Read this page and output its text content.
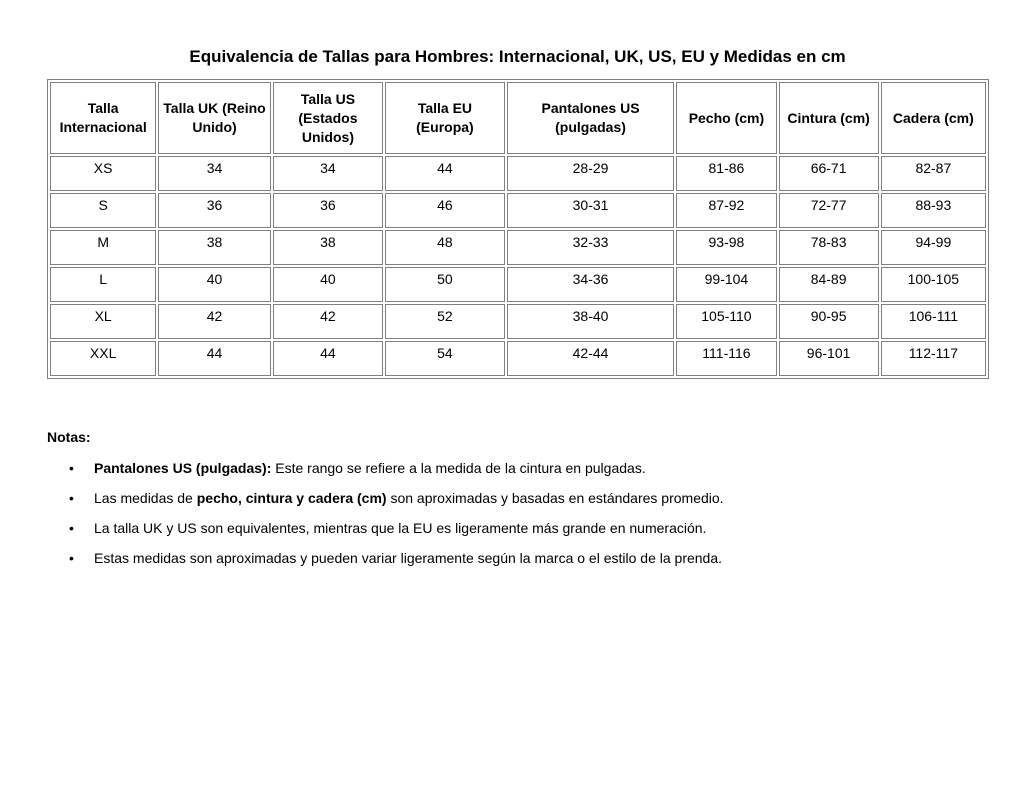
Equivalencia de Tallas para Hombres: Internacional, UK, US, EU y Medidas en cm
Talla Internacional	Talla UK (Reino Unido)	Talla US (Estados Unidos)	Talla EU (Europa)	Pantalones US (pulgadas)	Pecho (cm)	Cintura (cm)	Cadera (cm)
XS	34	34	44	28-29	81-86	66-71	82-87
S	36	36	46	30-31	87-92	72-77	88-93
M	38	38	48	32-33	93-98	78-83	94-99
L	40	40	50	34-36	99-104	84-89	100-105
XL	42	42	52	38-40	105-110	90-95	106-111
XXL	44	44	54	42-44	111-116	96-101	112-117
Notas:
• Pantalones US (pulgadas): Este rango se refiere a la medida de la cintura en pulgadas.
• Las medidas de pecho, cintura y cadera (cm) son aproximadas y basadas en estándares promedio.
• La talla UK y US son equivalentes, mientras que la EU es ligeramente más grande en numeración.
• Estas medidas son aproximadas y pueden variar ligeramente según la marca o el estilo de la prenda.
